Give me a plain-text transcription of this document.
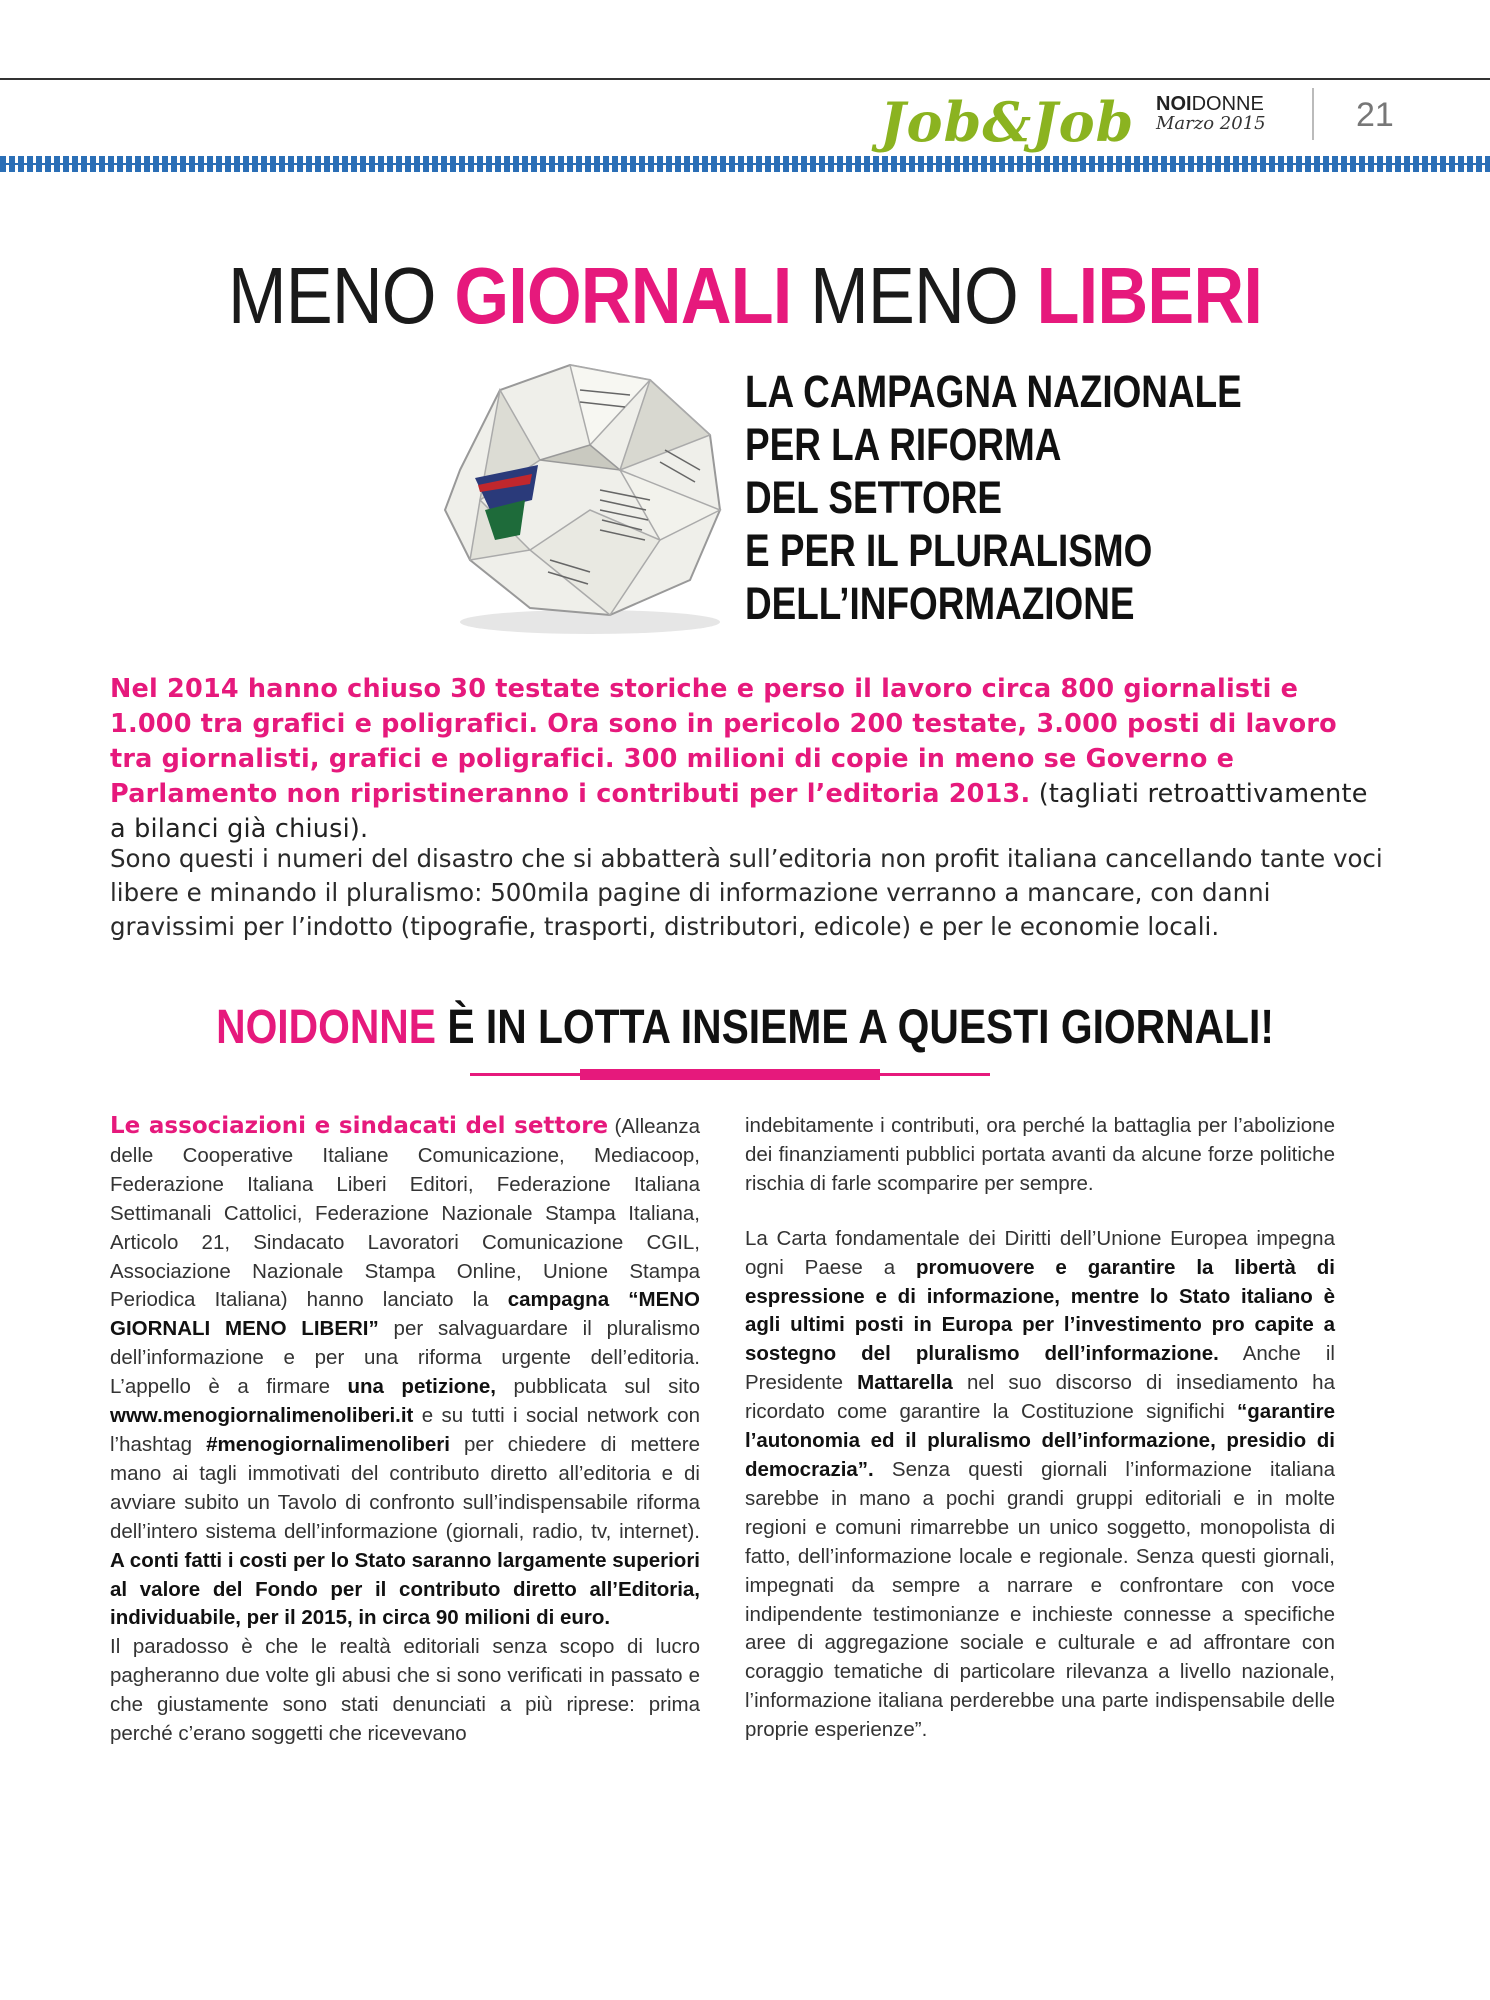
Job&Job NOIDONNE
Marzo 2015	21
MENO GIORNALI MENO LIBERI
LA CAMPAGNA NAZIONALE
PER LA RIFORMA
DEL SETTORE
E PER IL PLURALISMO
DELL’INFORMAZIONE
Nel 2014 hanno chiuso 30 testate storiche e perso il lavoro circa 800 giornalisti e 1.000 tra grafici e poligrafici. Ora sono in pericolo 200 testate, 3.000 posti di lavoro tra giornalisti, grafici e poligrafici. 300 milioni di copie in meno se Governo e Parlamento non ripristineranno i contributi per l’editoria 2013. (tagliati retroattivamente a bilanci già chiusi).
Sono questi i numeri del disastro che si abbatterà sull’editoria non profit italiana cancellando tante voci libere e minando il pluralismo: 500mila pagine di informazione verranno a mancare, con danni gravissimi per l’indotto (tipografie, trasporti, distributori, edicole) e per le economie locali.
NOIDONNE È IN LOTTA INSIEME A QUESTI GIORNALI!

Le associazioni e sindacati del settore (Alleanza delle Cooperative Italiane Comunicazione, Mediacoop, Federazione Italiana Liberi Editori, Federazione Italiana Settimanali Cattolici, Federazione Nazionale Stampa Italiana, Articolo 21, Sindacato Lavoratori Comunicazione CGIL, Associazione Nazionale Stampa Online, Unione Stampa Periodica Italiana) hanno lanciato la campagna “MENO GIORNALI MENO LIBERI” per salvaguardare il pluralismo dell’informazione e per una riforma urgente dell’editoria. L’appello è a firmare una petizione, pubblicata sul sito www.menogiornalimenoliberi.it e su tutti i social network con l’hashtag #menogiornalimenoliberi per chiedere di mettere mano ai tagli immotivati del contributo diretto all’editoria e di avviare subito un Tavolo di confronto sull’indispensabile riforma dell’intero sistema dell’informazione (giornali, radio, tv, internet). A conti fatti i costi per lo Stato saranno largamente superiori al valore del Fondo per il contributo diretto all’Editoria, individuabile, per il 2015, in circa 90 milioni di euro.

Il paradosso è che le realtà editoriali senza scopo di lucro pagheranno due volte gli abusi che si sono verificati in passato e che giustamente sono stati denunciati a più riprese: prima perché c’erano soggetti che ricevevano

indebitamente i contributi, ora perché la battaglia per l’abolizione dei finanziamenti pubblici portata avanti da alcune forze politiche rischia di farle scomparire per sempre.

La Carta fondamentale dei Diritti dell’Unione Europea impegna ogni Paese a promuovere e garantire la libertà di espressione e di informazione, mentre lo Stato italiano è agli ultimi posti in Europa per l’investimento pro capite a sostegno del pluralismo dell’informazione. Anche il Presidente Mattarella nel suo discorso di insediamento ha ricordato come garantire la Costituzione significhi “garantire l’autonomia ed il pluralismo dell’informazione, presidio di democrazia”. Senza questi giornali l’informazione italiana sarebbe in mano a pochi grandi gruppi editoriali e in molte regioni e comuni rimarrebbe un unico soggetto, monopolista di fatto, dell’informazione locale e regionale. Senza questi giornali, impegnati da sempre a narrare e confrontare con voce indipendente testimonianze e inchieste connesse a specifiche aree di aggregazione sociale e culturale e ad affrontare con coraggio tematiche di particolare rilevanza a livello nazionale, l’informazione italiana perderebbe una parte indispensabile delle proprie esperienze”.
